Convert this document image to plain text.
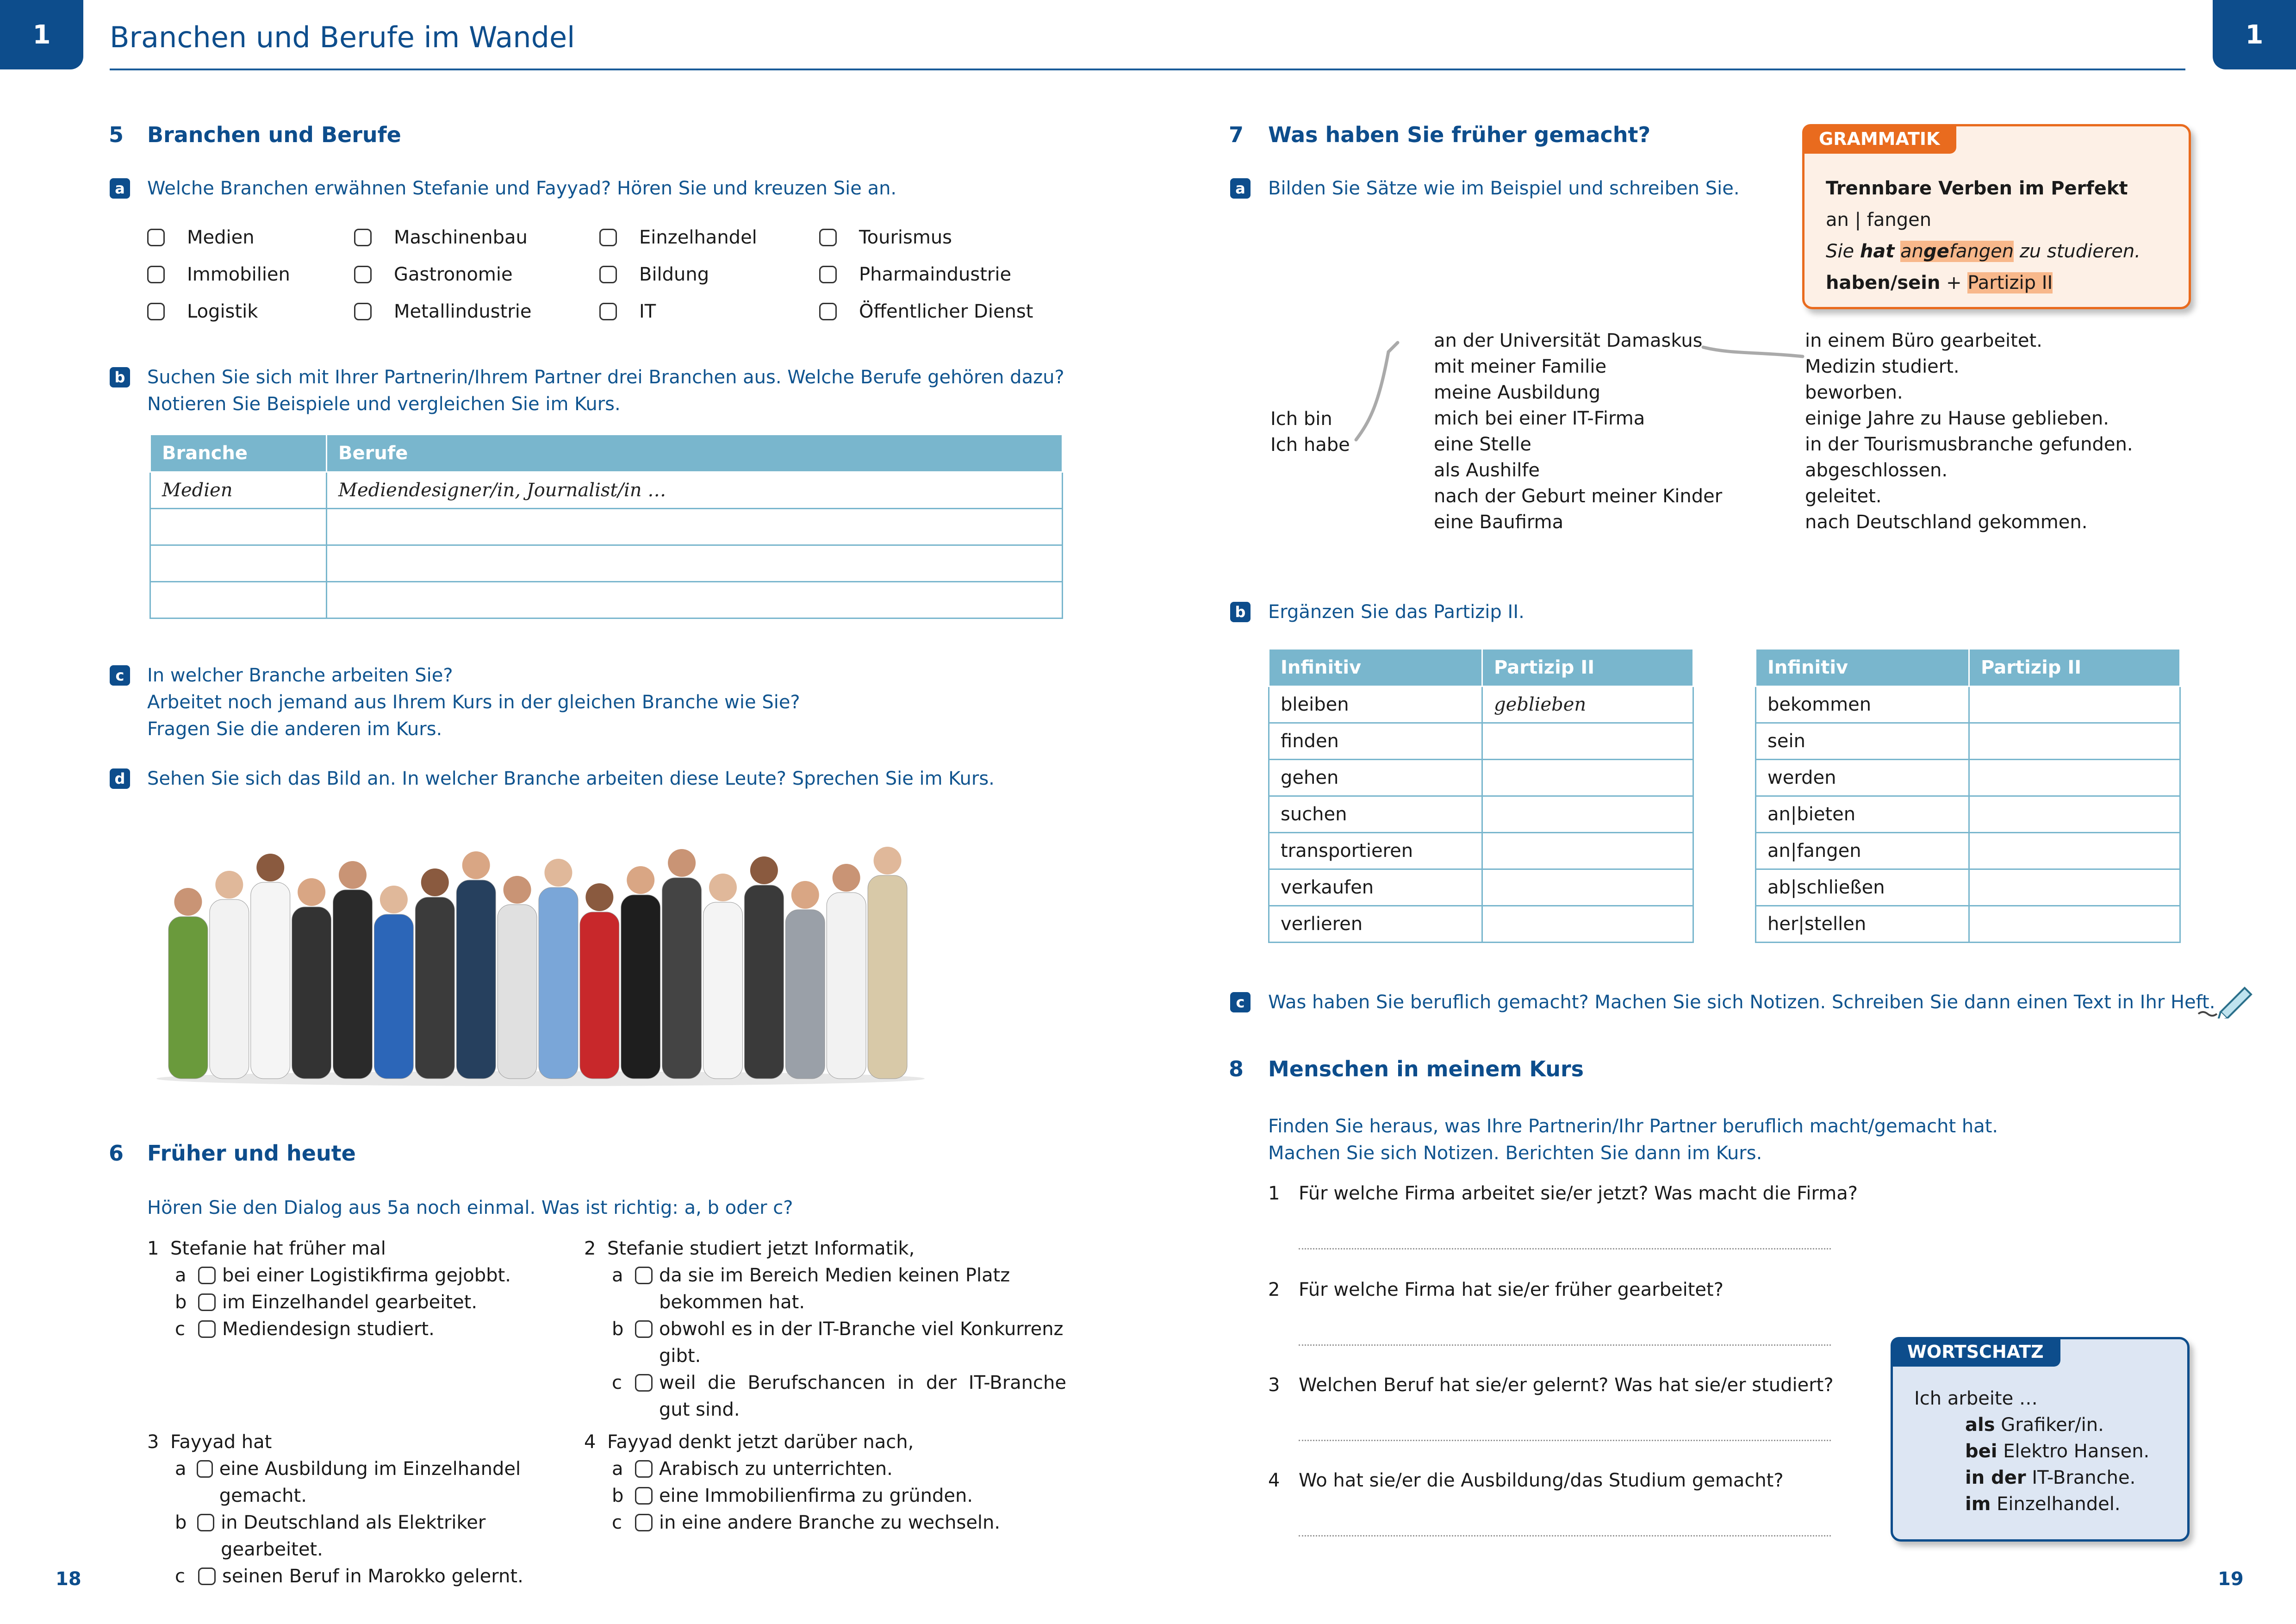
1	1
Branchen und Berufe im Wandel
5 Branchen und Berufe
a Welche Branchen erwähnen Stefanie und Fayyad? Hören Sie und kreuzen Sie an.
Medien	Maschinenbau	Einzelhandel	Tourismus
Immobilien	Gastronomie	Bildung	Pharmaindustrie
Logistik	Metallindustrie	IT	Öffentlicher Dienst
b Suchen Sie sich mit Ihrer Partnerin/Ihrem Partner drei Branchen aus. Welche Berufe gehören dazu?
Notieren Sie Beispiele und vergleichen Sie im Kurs.
Branche	Berufe
Medien	Mediendesigner/in, Journalist/in …

c	In welcher Branche arbeiten Sie?
Arbeitet noch jemand aus Ihrem Kurs in der gleichen Branche wie Sie?
Fragen Sie die anderen im Kurs.
d Sehen Sie sich das Bild an. In welcher Branche arbeiten diese Leute? Sprechen Sie im Kurs.
6 Früher und heute
Hören Sie den Dialog aus 5a noch einmal. Was ist richtig: a, b oder c?
1 Stefanie hat früher mal
a bei einer Logistikfirma gejobbt.
b im Einzelhandel gearbeitet.
c	Mediendesign studiert.
2 Stefanie studiert jetzt Informatik,
a da sie im Bereich Medien keinen Platz bekommen hat.
b obwohl es in der IT-Branche viel Konkurrenz gibt.
c	weil die Berufschancen in der IT-Branche gut sind.
3 Fayyad hat
a eine Ausbildung im Einzelhandel gemacht.
b in Deutschland als Elektriker gearbeitet.
c	seinen Beruf in Marokko gelernt.
4 Fayyad denkt jetzt darüber nach,
a Arabisch zu unterrichten.
b eine Immobilienfirma zu gründen.
c	in eine andere Branche zu wechseln.
18	19
7 Was haben Sie früher gemacht?
a Bilden Sie Sätze wie im Beispiel und schreiben Sie.
Ich bin
Ich habe
an der Universität Damaskus
mit meiner Familie
meine Ausbildung
mich bei einer IT-Firma
eine Stelle
als Aushilfe
nach der Geburt meiner Kinder
eine Baufirma
in einem Büro gearbeitet.
Medizin studiert.
beworben.
einige Jahre zu Hause geblieben.
in der Tourismusbranche gefunden.
abgeschlossen.
geleitet.
nach Deutschland gekommen.
GRAMMATIK
Trennbare Verben im Perfekt
an | fangen
Sie hat angefangen zu studieren.
haben/sein + Partizip II
b Ergänzen Sie das Partizip II.
Infinitiv	Partizip II
bleiben	geblieben
finden	
gehen	
suchen	
transportieren	
verkaufen	
verlieren	
Infinitiv	Partizip II
bekommen	
sein	
werden	
an|bieten	
an|fangen	
ab|schließen	
her|stellen	
c	Was haben Sie beruflich gemacht? Machen Sie sich Notizen. Schreiben Sie dann einen Text in Ihr Heft.
8 Menschen in meinem Kurs
Finden Sie heraus, was Ihre Partnerin/Ihr Partner beruflich macht/gemacht hat.
Machen Sie sich Notizen. Berichten Sie dann im Kurs.
1 Für welche Firma arbeitet sie/er jetzt? Was macht die Firma?
2 Für welche Firma hat sie/er früher gearbeitet?
3 Welchen Beruf hat sie/er gelernt? Was hat sie/er studiert?
4 Wo hat sie/er die Ausbildung/das Studium gemacht?
WORTSCHATZ
Ich arbeite …
als Grafiker/in.
bei Elektro Hansen.
in der IT-Branche.
im Einzelhandel.
